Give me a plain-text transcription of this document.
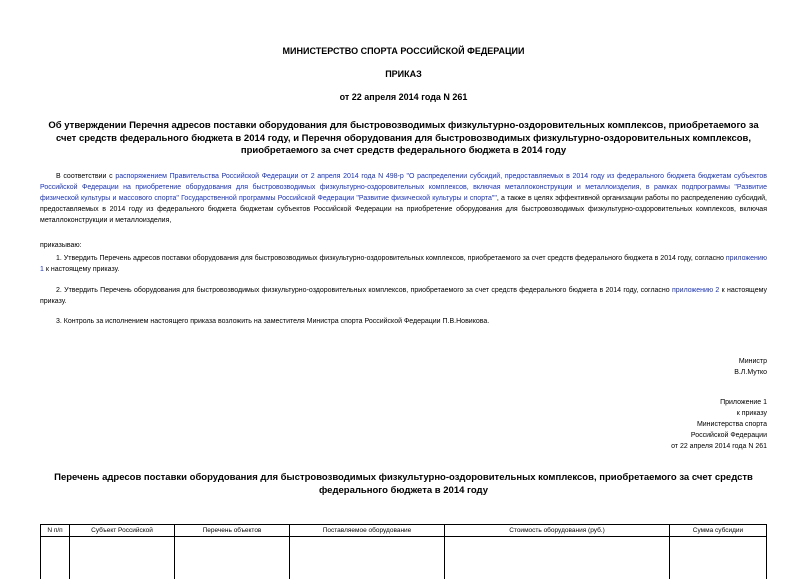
МИНИСТЕРСТВО СПОРТА РОССИЙСКОЙ ФЕДЕРАЦИИ
ПРИКАЗ
от 22 апреля 2014 года N 261
Об утверждении Перечня адресов поставки оборудования для быстровозводимых физкультурно-оздоровительных комплексов, приобретаемого за счет средств федерального бюджета в 2014 году, и Перечня оборудования для быстровозводимых физкультурно-оздоровительных комплексов, приобретаемого за счет средств федерального бюджета в 2014 году
В соответствии с распоряжением Правительства Российской Федерации от 2 апреля 2014 года N 498-р "О распределении субсидий, предоставляемых в 2014 году из федерального бюджета бюджетам субъектов Российской Федерации на приобретение оборудования для быстровозводимых физкультурно-оздоровительных комплексов, включая металлоконструкции и металлоизделия, в рамках подпрограммы "Развитие физической культуры и массового спорта" Государственной программы Российской Федерации "Развитие физической культуры и спорта"", а также в целях эффективной организации работы по распределению субсидий, предоставляемых в 2014 году из федерального бюджета бюджетам субъектов Российской Федерации на приобретение оборудования для быстровозводимых физкультурно-оздоровительных комплексов, включая металлоконструкции и металлоизделия,
приказываю:
1. Утвердить Перечень адресов поставки оборудования для быстровозводимых физкультурно-оздоровительных комплексов, приобретаемого за счет средств федерального бюджета в 2014 году, согласно приложению 1 к настоящему приказу.
2. Утвердить Перечень оборудования для быстровозводимых физкультурно-оздоровительных комплексов, приобретаемого за счет средств федерального бюджета в 2014 году, согласно приложению 2 к настоящему приказу.
3. Контроль за исполнением настоящего приказа возложить на заместителя Министра спорта Российской Федерации П.В.Новикова.
Министр
В.Л.Мутко
Приложение 1
к приказу
Министерства спорта
Российской Федерации
от 22 апреля 2014 года N 261
Перечень адресов поставки оборудования для быстровозводимых физкультурно-оздоровительных комплексов, приобретаемого за счет средств федерального бюджета в 2014 году
N п/п	Субъект Российской	Перечень объектов	Поставляемое оборудование	Стоимость оборудования (руб.)	Сумма субсидии
